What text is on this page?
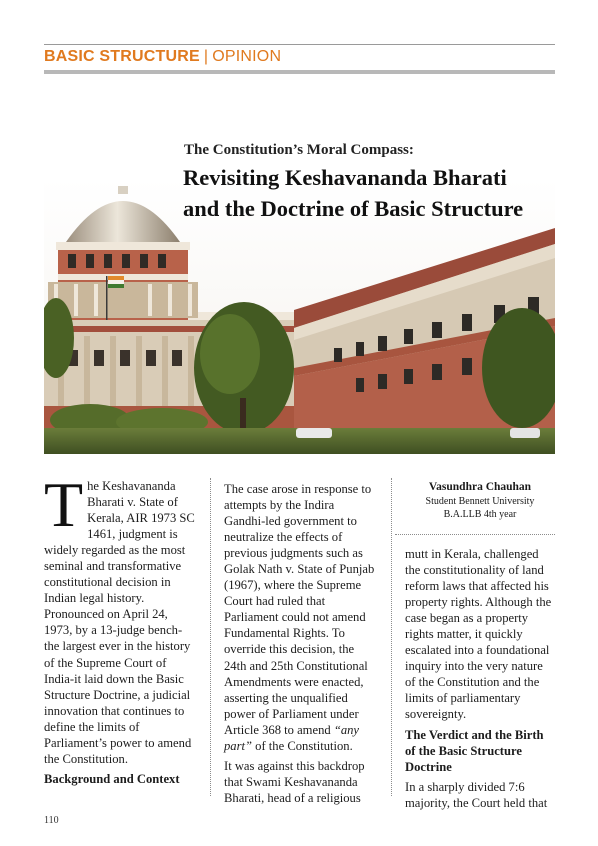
BASIC STRUCTURE | OPINION
The Constitution’s Moral Compass:
Revisiting Keshavananda Bharati
and the Doctrine of Basic Structure
T he Keshavananda Bharati v. State of Kerala, AIR 1973 SC 1461, judgment is widely regarded as the most seminal and transformative constitutional decision in Indian legal history. Pronounced on April 24, 1973, by a 13-judge bench-the largest ever in the history of the Supreme Court of India-it laid down the Basic Structure Doctrine, a judicial innovation that continues to define the limits of Parliament’s power to amend the Constitution.

Background and Context

The case arose in response to attempts by the Indira Gandhi-led government to neutralize the effects of previous judgments such as Golak Nath v. State of Punjab (1967), where the Supreme Court had ruled that Parliament could not amend Fundamental Rights. To override this decision, the 24th and 25th Constitutional Amendments were enacted, asserting the unqualified power of Parliament under Article 368 to amend “any part” of the Constitution.

It was against this backdrop that Swami Keshavananda Bharati, head of a religious

Vasundhra Chauhan
Student Bennett University
B.A.LLB 4th year

mutt in Kerala, challenged the constitutionality of land reform laws that affected his property rights. Although the case began as a property rights matter, it quickly escalated into a foundational inquiry into the very nature of the Constitution and the limits of parliamentary sovereignty.

The Verdict and the Birth of the Basic Structure Doctrine

In a sharply divided 7:6 majority, the Court held that

110
